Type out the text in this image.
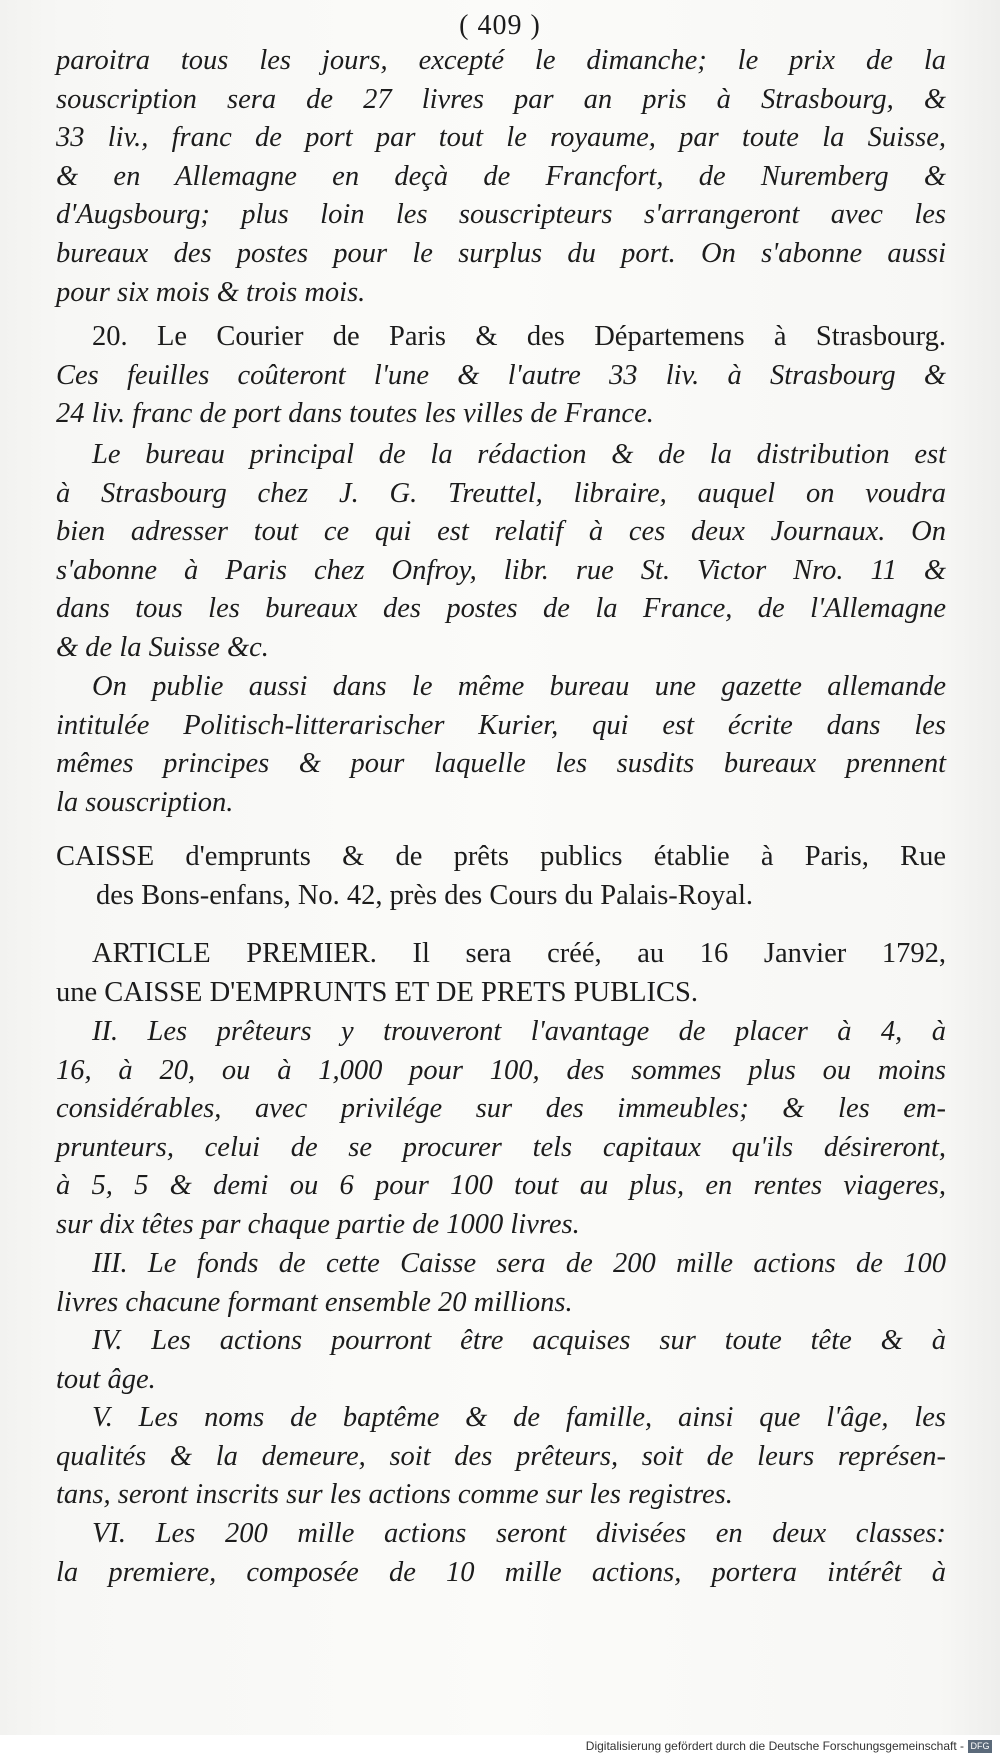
( 409 )
paroitra tous les jours, excepté le dimanche; le prix de la
souscription sera de 27 livres par an pris à Strasbourg, &
33 liv., franc de port par tout le royaume, par toute la Suisse,
& en Allemagne en deçà de Francfort, de Nuremberg &
d'Augsbourg; plus loin les souscripteurs s'arrangeront avec les
bureaux des postes pour le surplus du port. On s'abonne aussi
pour six mois & trois mois.
20. Le Courier de Paris & des Départemens à Strasbourg.
Ces feuilles coûteront l'une & l'autre 33 liv. à Strasbourg &
24 liv. franc de port dans toutes les villes de France.
Le bureau principal de la rédaction & de la distribution est
à Strasbourg chez J. G. Treuttel, libraire, auquel on voudra
bien adresser tout ce qui est relatif à ces deux Journaux. On
s'abonne à Paris chez Onfroy, libr. rue St. Victor Nro. 11 &
dans tous les bureaux des postes de la France, de l'Allemagne
& de la Suisse &c.
On publie aussi dans le même bureau une gazette allemande
intitulée Politisch-litterarischer Kurier, qui est écrite dans les
mêmes principes & pour laquelle les susdits bureaux prennent
la souscription.
CAISSE d'emprunts & de prêts publics établie à Paris, Rue
des Bons-enfans, No. 42, près des Cours du Palais-Royal.
ARTICLE PREMIER. Il sera créé, au 16 Janvier 1792,
une CAISSE D'EMPRUNTS ET DE PRETS PUBLICS.
II. Les prêteurs y trouveront l'avantage de placer à 4, à
16, à 20, ou à 1,000 pour 100, des sommes plus ou moins
considérables, avec privilége sur des immeubles; & les em-
prunteurs, celui de se procurer tels capitaux qu'ils désireront,
à 5, 5 & demi ou 6 pour 100 tout au plus, en rentes viageres,
sur dix têtes par chaque partie de 1000 livres.
III. Le fonds de cette Caisse sera de 200 mille actions de 100
livres chacune formant ensemble 20 millions.
IV. Les actions pourront être acquises sur toute tête & à
tout âge.
V. Les noms de baptême & de famille, ainsi que l'âge, les
qualités & la demeure, soit des prêteurs, soit de leurs représen-
tans, seront inscrits sur les actions comme sur les registres.
VI. Les 200 mille actions seront divisées en deux classes:
la premiere, composée de 10 mille actions, portera intérêt à
Digitalisierung gefördert durch die Deutsche Forschungsgemeinschaft - DFG
